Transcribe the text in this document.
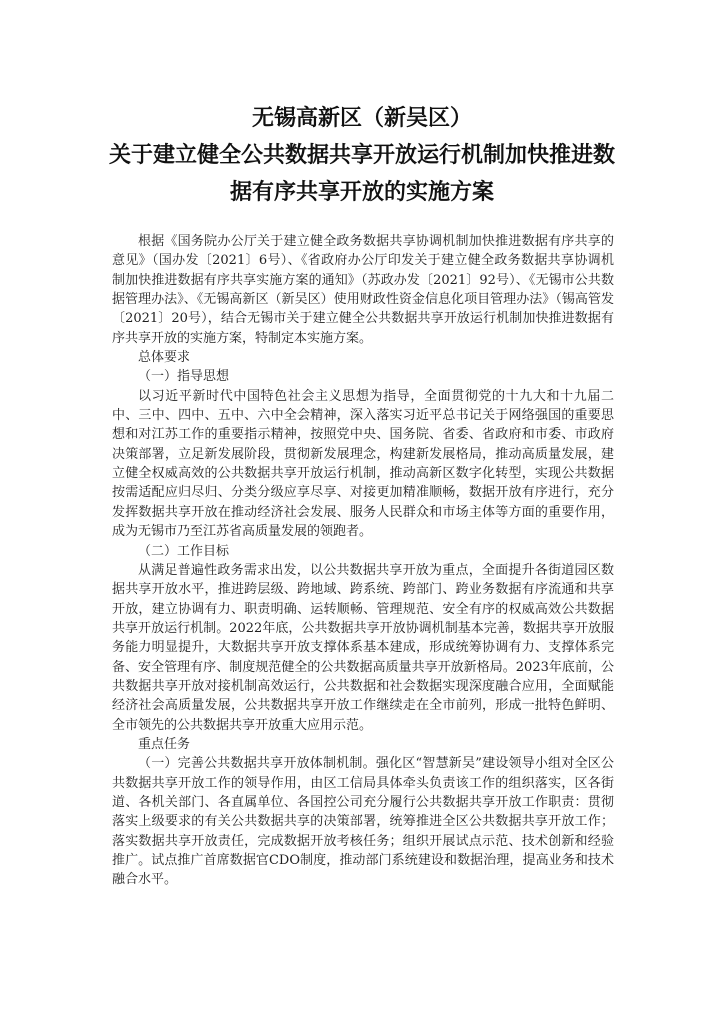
无锡高新区（新吴区）

关于建立健全公共数据共享开放运行机制加快推进数

据有序共享开放的实施方案

根据《国务院办公厅关于建立健全政务数据共享协调机制加快推进数据有序共享的意见》（国办发〔2021〕6号）、《省政府办公厅印发关于建立健全政务数据共享协调机制加快推进数据有序共享实施方案的通知》（苏政办发〔2021〕92号）、《无锡市公共数据管理办法》、《无锡高新区（新吴区）使用财政性资金信息化项目管理办法》（锡高管发〔2021〕20号），结合无锡市关于建立健全公共数据共享开放运行机制加快推进数据有序共享开放的实施方案，特制定本实施方案。

总体要求

（一）指导思想

以习近平新时代中国特色社会主义思想为指导，全面贯彻党的十九大和十九届二中、三中、四中、五中、六中全会精神，深入落实习近平总书记关于网络强国的重要思想和对江苏工作的重要指示精神，按照党中央、国务院、省委、省政府和市委、市政府决策部署，立足新发展阶段，贯彻新发展理念，构建新发展格局，推动高质量发展，建立健全权威高效的公共数据共享开放运行机制，推动高新区数字化转型，实现公共数据按需适配应归尽归、分类分级应享尽享、对接更加精准顺畅，数据开放有序进行，充分发挥数据共享开放在推动经济社会发展、服务人民群众和市场主体等方面的重要作用，成为无锡市乃至江苏省高质量发展的领跑者。

（二）工作目标

从满足普遍性政务需求出发，以公共数据共享开放为重点，全面提升各街道园区数据共享开放水平，推进跨层级、跨地域、跨系统、跨部门、跨业务数据有序流通和共享开放，建立协调有力、职责明确、运转顺畅、管理规范、安全有序的权威高效公共数据共享开放运行机制。2022年底，公共数据共享开放协调机制基本完善，数据共享开放服务能力明显提升，大数据共享开放支撑体系基本建成，形成统筹协调有力、支撑体系完备、安全管理有序、制度规范健全的公共数据高质量共享开放新格局。2023年底前，公共数据共享开放对接机制高效运行，公共数据和社会数据实现深度融合应用，全面赋能经济社会高质量发展，公共数据共享开放工作继续走在全市前列，形成一批特色鲜明、全市领先的公共数据共享开放重大应用示范。

重点任务

（一）完善公共数据共享开放体制机制。强化区“智慧新吴”建设领导小组对全区公共数据共享开放工作的领导作用，由区工信局具体牵头负责该工作的组织落实，区各街道、各机关部门、各直属单位、各国控公司充分履行公共数据共享开放工作职责：贯彻落实上级要求的有关公共数据共享的决策部署，统筹推进全区公共数据共享开放工作；落实数据共享开放责任，完成数据开放考核任务；组织开展试点示范、技术创新和经验推广。试点推广首席数据官CDO制度，推动部门系统建设和数据治理，提高业务和技术融合水平。
